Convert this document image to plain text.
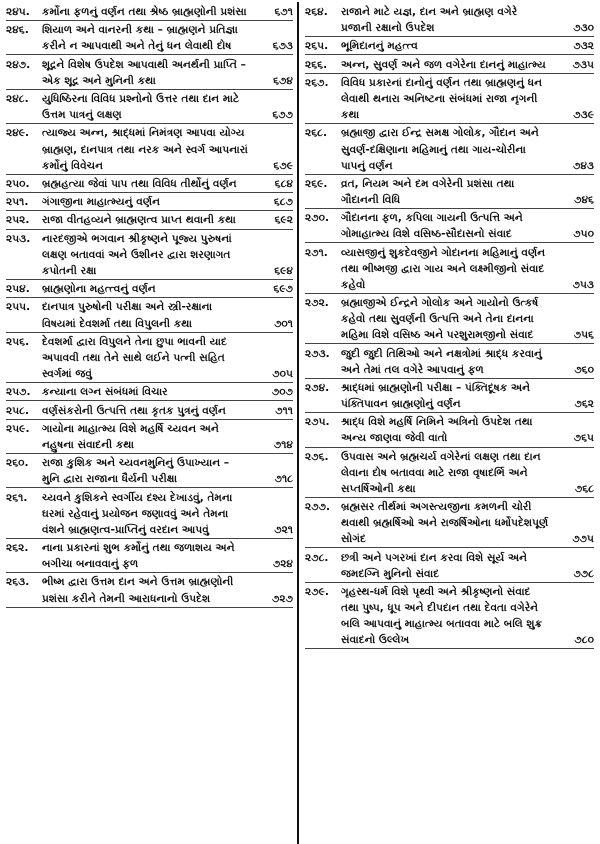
૨૪૫.	કર્મોના ફળનું વર્ણન તથા શ્રેષ્ઠ બ્રાહ્મણોની પ્રશંસા	૬૭૧
૨૪૬.	શિયાળ અને વાનરની કથા – બ્રાહ્મણને પ્રતિજ્ઞા કરીને ન આપવાથી અને તેનું ધન લેવાથી દોષ	૬૭૩
૨૪૭.	શૂદ્રને વિશેષ ઉપદેશ આપવાથી અનર્થની પ્રાપ્તિ – એક શૂદ્ર અને મુનિની કથા	૬૭૪
૨૪૮.	યુધિષ્ઠિરના વિવિધ પ્રશ્નોનો ઉત્તર તથા દાન માટે ઉત્તમ પાત્રનું લક્ષણ	૬૭૭
૨૪૯.	ત્યાજ્ય અન્ન, શ્રાદ્ધમાં નિમંત્રણ આપવા યોગ્ય બ્રાહ્મણ, દાનપાત્ર તથા નરક અને સ્વર્ગ આપનારાં કર્મોનું વિવેચન	૬૭૯
૨૫૦.	બ્રહ્મહત્યા જેવાં પાપ તથા વિવિધ તીર્થોનું વર્ણન	૬૮૪
૨૫૧.	ગંગાજીના માહાત્મ્યનું વર્ણન	૬૮૭
૨૫૨.	રાજા વીતહવ્યને બ્રાહ્મણત્વ પ્રાપ્ત થવાની કથા	૬૯૨
૨૫૩.	નારદજીએ ભગવાન શ્રીકૃષ્ણને પૂજ્ય પુરુષનાં લક્ષણ બતાવવાં અને ઉશીનર દ્વારા શરણાગત કપોતની રક્ષા	૬૯૪
૨૫૪.	બ્રાહ્મણોના મહત્ત્વનું વર્ણન	૬૯૭
૨૫૫.	દાનપાત્ર પુરુષોની પરીક્ષા અને સ્ત્રી-રક્ષાના વિષયમાં દેવશર્મા તથા વિપુલની કથા	૭૦૧
૨૫૬.	દેવશર્મા દ્વારા વિપુલને તેના છુપા ભાવની યાદ અપાવવી તથા તેને સાથે લઈને પત્ની સહિત સ્વર્ગમાં જવું	૭૦૫
૨૫૭.	કન્યાના લગ્ન સંબંધમાં વિચાર	૭૦૭
૨૫૮.	વર્ણસંકરોની ઉત્પત્તિ તથા કૃતક પુત્રનું વર્ણન	૭૧૧
૨૫૯.	ગાયોના માહાત્મ્ય વિશે મહર્ષિ ચ્યવન અને નહુષના સંવાદની કથા	૭૧૪
૨૬૦.	રાજા કુશિક અને ચ્યવનમુનિનું ઉપાખ્યાન – મુનિ દ્વારા રાજાના ધૈર્યની પરીક્ષા	૭૧૮
૨૬૧.	ચ્યવને કુશિકને સ્વર્ગીય દશ્ય દેખાડવું, તેમના ઘરમાં રહેવાનું પ્રયોજન જણાવવું અને તેમના વંશને બ્રાહ્મણત્વ-પ્રાપ્તિનું વરદાન આપવું	૭૨૧
૨૬૨.	નાના પ્રકારનાં શુભ કર્મોનું તથા જળાશય અને બગીચા બનાવવાનું ફળ	૭૨૪
૨૬૩.	ભીષ્મ દ્વારા ઉત્તમ દાન અને ઉત્તમ બ્રાહ્મણોની પ્રશંસા કરીને તેમની આરાધનાનો ઉપદેશ	૭૨૭
૨૬૪.	રાજાને માટે યજ્ઞ, દાન અને બ્રાહ્મણ વગેરે પ્રજાની રક્ષાનો ઉપદેશ	૭૩૦
૨૬૫.	ભૂમિદાનનું મહત્ત્વ	૭૩૨
૨૬૬.	અન્ન, સુવર્ણ અને જળ વગેરેના દાનનું માહાત્મ્ય	૭૩૫
૨૬૭.	વિવિધ પ્રકારનાં દાનોનું વર્ણન તથા બ્રાહ્મણનું ધન લેવાથી થનારા અનિષ્ટના સંબંધમાં રાજા નૃગની કથા	૭૩૯
૨૬૮.	બ્રહ્માજી દ્વારા ઈન્દ્ર સમક્ષ ગોલોક, ગૌદાન અને સુવર્ણ-દક્ષિણાના મહિમાનું તથા ગાય-ચોરીના પાપનું વર્ણન	૭૪૩
૨૬૯.	વ્રત, નિયમ અને દમ વગેરેની પ્રશંસા તથા ગૌદાનની વિધિ	૭૪૬
૨૭૦.	ગૌદાનના ફળ, કપિલા ગાયની ઉત્પત્તિ અને ગોમાહાત્મ્ય વિશે વસિષ્ઠ-સૌદાસનો સંવાદ	૭૫૦
૨૭૧.	વ્યાસજીનું શુકદેવજીને ગોદાનના મહિમાનું વર્ણન તથા ભીષ્મજી દ્વારા ગાય અને લક્ષ્મીજીનો સંવાદ કહેવો	૭૫૩
૨૭૨.	બ્રહ્માજીએ ઈન્દ્રને ગોલોક અને ગાયોનો ઉત્કર્ષ કહેવો તથા સુવર્ણની ઉત્પત્તિ અને તેના દાનના મહિમા વિશે વસિષ્ઠ અને પરશુરામજીનો સંવાદ	૭૫૬
૨૭૩.	જુદી જુદી તિથિઓ અને નક્ષત્રોમાં શ્રાદ્ધ કરવાનું અને તેમાં તલ વગેરે આપવાનું ફળ	૭૬૦
૨૭૪.	શ્રાદ્ધમાં બ્રાહ્મણોની પરીક્ષા – પંક્તિદૂષક અને પંક્તિપાવન બ્રાહ્મણોનું વર્ણન	૭૬૨
૨૭૫.	શ્રાદ્ધ વિશે મહર્ષિ નિમિને અત્રિનો ઉપદેશ તથા અન્ય જાણવા જેવી વાતો	૭૬૫
૨૭૬.	ઉપવાસ અને બ્રહ્મચર્ય વગેરેનાં લક્ષણ તથા દાન લેવાના દોષ બતાવવા માટે રાજા વૃષાદર્ભિ અને સપ્તર્ષિઓની કથા	૭૬૮
૨૭૭.	બ્રહ્મસર તીર્થમાં અગસ્ત્યજીના કમળની ચોરી થવાથી બ્રહ્મર્ષિઓ અને રાજર્ષિઓના ધર્મોપદેશપૂર્ણ સોગંદ	૭૭૫
૨૭૮.	છત્રી અને પગરખાં દાન કરવા વિશે સૂર્ય અને જમદગ્નિ મુનિનો સંવાદ	૭૭૮
૨૭૯.	ગૃહસ્થ-ધર્મ વિશે પૃથ્વી અને શ્રીકૃષ્ણનો સંવાદ તથા પુષ્પ, ધૂપ અને દીપદાન તથા દેવતા વગેરેને બલિ આપવાનું માહાત્મ્ય બતાવવા માટે બલિ શુક્ર સંવાદનો ઉલ્લેખ	૭૮૦
